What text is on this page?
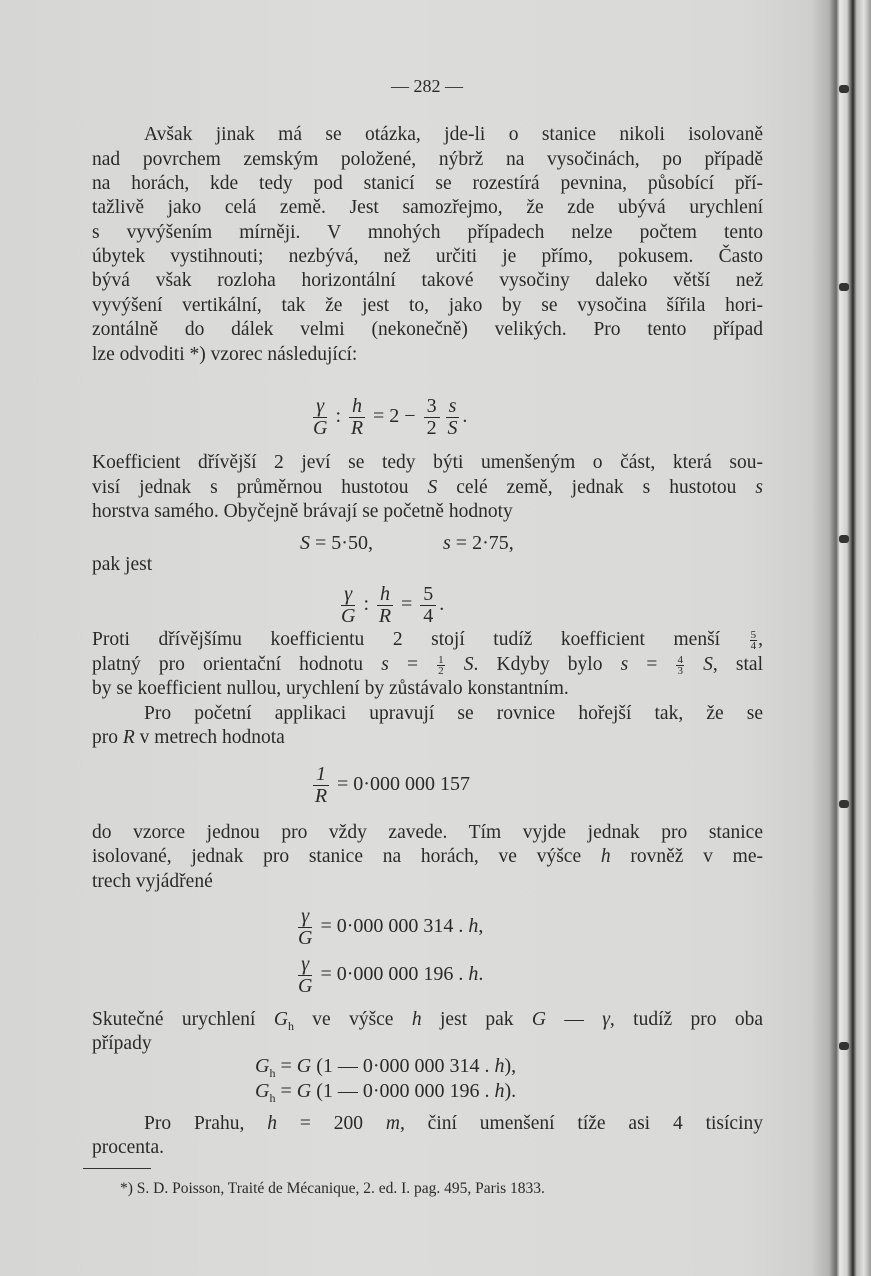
— 282 —
Avšak jinak má se otázka, jde-li o stanice nikoli isolovaně
nad povrchem zemským položené, nýbrž na vysočinách, po případě
na horách, kde tedy pod stanicí se rozestírá pevnina, působící pří-
tažlivě jako celá země. Jest samozřejmo, že zde ubývá urychlení
s vyvýšením mírněji. V mnohých případech nelze počtem tento
úbytek vystihnouti; nezbývá, než určiti je přímo, pokusem. Často
bývá však rozloha horizontální takové vysočiny daleko větší než
vyvýšení vertikální, tak že jest to, jako by se vysočina šířila hori-
zontálně do dálek velmi (nekonečně) velikých. Pro tento případ
lze odvoditi *) vzorec následující:
$\frac{\gamma}{G}$ : $\frac{h}{R} = 2 - \frac{3}{2} \frac{s}{S}$ .
Koefficient dřívější 2 jeví se tedy býti umenšeným o část, která sou-
visí jednak s průměrnou hustotou S celé země, jednak s hustotou s
horstva samého. Obyčejně brávají se početně hodnoty
S = 5·50,	s = 2·75,
pak jest
$\frac{\gamma}{G}$ : $\frac{h}{R} = \frac{5}{4}$ .
Proti dřívějšímu koefficientu 2 stojí tudíž koefficient menší $\frac{5}{4}$ ,
platný pro orientační hodnotu $s = \frac{1}{2} S$. Kdyby bylo $s = \frac{4}{3} S$, stal
by se koefficient nullou, urychlení by zůstávalo konstantním.
Pro početní applikaci upravují se rovnice hořejší tak, že se
pro R v metrech hodnota
$\frac{1}{R} = 0\cdot 000$ 000 157
do vzorce jednou pro vždy zavede. Tím vyjde jednak pro stanice
isolované, jednak pro stanice na horách, ve výšce h rovněž v me-
trech vyjádřené
$\frac{\gamma}{G} = 0\cdot 000$ 000 314 . h,
$\frac{\gamma}{G} = 0\cdot 000$ 000 196 . h.
Skutečné urychlení $G_h$ ve výšce h jest pak G — γ, tudíž pro oba
případy
$G_h = G$ (1 — 0·000 000 314 . h),
$G_h = G$ (1 — 0·000 000 196 . h).
Pro Prahu, h = 200 m, činí umenšení tíže asi 4 tisíciny
procenta.
*) S. D. Poisson, Traité de Mécanique, 2. ed. I. pag. 495, Paris 1833.
